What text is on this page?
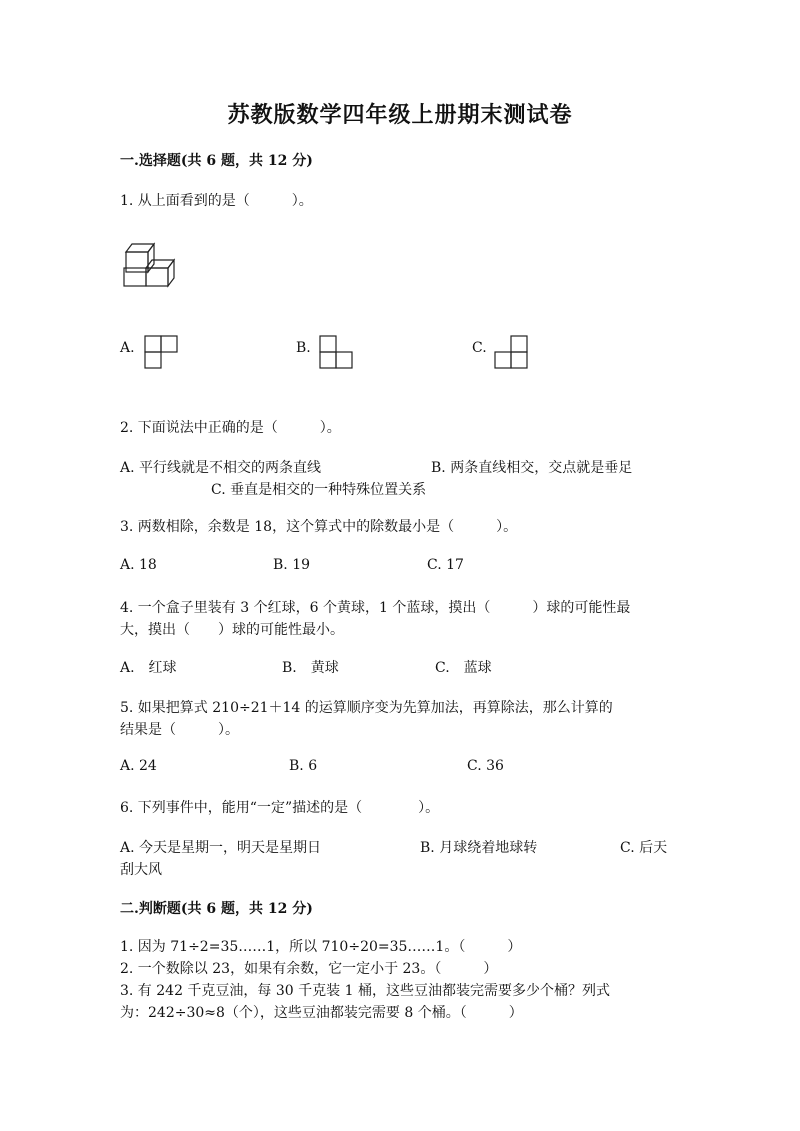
苏教版数学四年级上册期末测试卷
一.选择题(共 6 题，共 12 分)
1. 从上面看到的是（　　　）。
A.	B.	C.
2. 下面说法中正确的是（　　　）。
A. 平行线就是不相交的两条直线	B. 两条直线相交，交点就是垂足
C. 垂直是相交的一种特殊位置关系
3. 两数相除，余数是 18，这个算式中的除数最小是（　　　）。
A. 18	B. 19	C. 17
4. 一个盒子里装有 3 个红球，6 个黄球，1 个蓝球，摸出（　　　）球的可能性最
大，摸出（　　）球的可能性最小。
A.　红球	B.　黄球	C.　蓝球
5. 如果把算式 210÷21＋14 的运算顺序变为先算加法，再算除法，那么计算的
结果是（　　　）。
A. 24	B. 6	C. 36
6. 下列事件中，能用“一定”描述的是（　　　　）。
A. 今天是星期一，明天是星期日	B. 月球绕着地球转	C. 后天
刮大风
二.判断题(共 6 题，共 12 分)
1. 因为 71÷2=35……1，所以 710÷20=35……1。（　　　）
2. 一个数除以 23，如果有余数，它一定小于 23。（　　　）
3. 有 242 千克豆油，每 30 千克装 1 桶，这些豆油都装完需要多少个桶？列式
为：242÷30≈8（个），这些豆油都装完需要 8 个桶。（　　　）
